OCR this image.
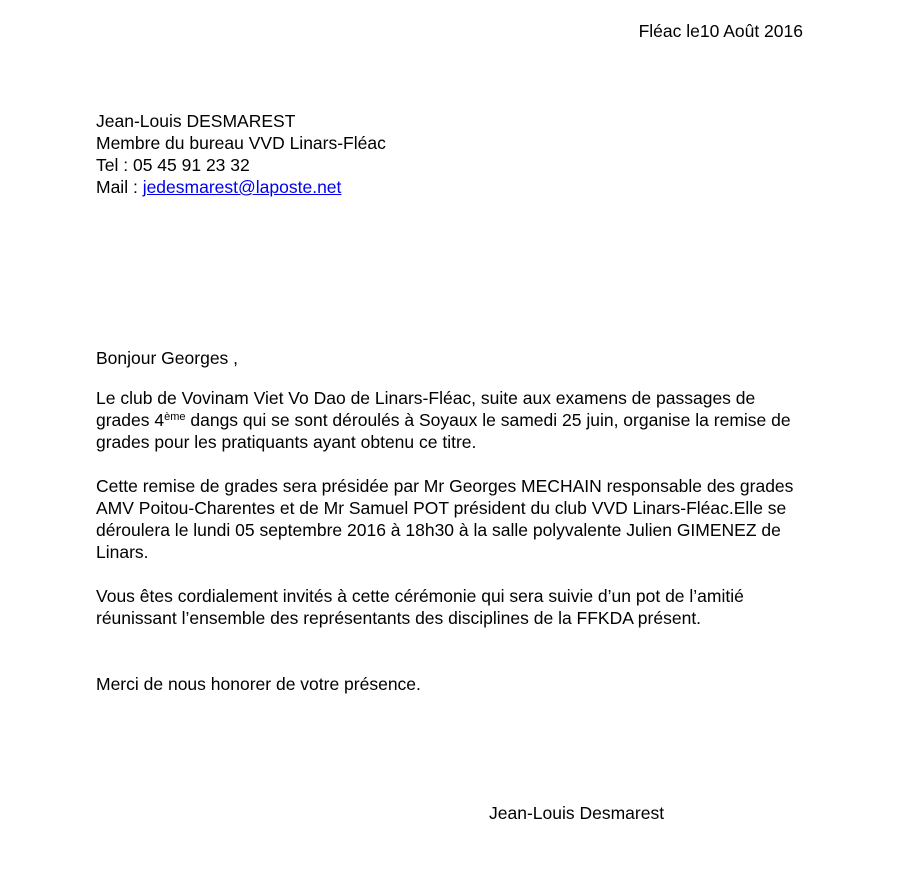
Fléac le10 Août 2016
Jean-Louis DESMAREST
Membre du bureau VVD Linars-Fléac
Tel : 05 45 91 23 32
Mail : jedesmarest@laposte.net

Bonjour Georges ,

Le club de Vovinam Viet Vo Dao de Linars-Fléac, suite aux examens de passages de grades 4ème dangs qui se sont déroulés à Soyaux le samedi 25 juin, organise la remise de grades pour les pratiquants ayant obtenu ce titre.

Cette remise de grades sera présidée par Mr Georges MECHAIN responsable des grades AMV Poitou-Charentes et de Mr Samuel POT président du club VVD Linars-Fléac.Elle se déroulera le lundi 05 septembre 2016 à 18h30 à la salle polyvalente Julien GIMENEZ de Linars.

Vous êtes cordialement invités à cette cérémonie qui sera suivie d’un pot de l’amitié réunissant l’ensemble des représentants des disciplines de la FFKDA présent.

Merci de nous honorer de votre présence.

Jean-Louis Desmarest
